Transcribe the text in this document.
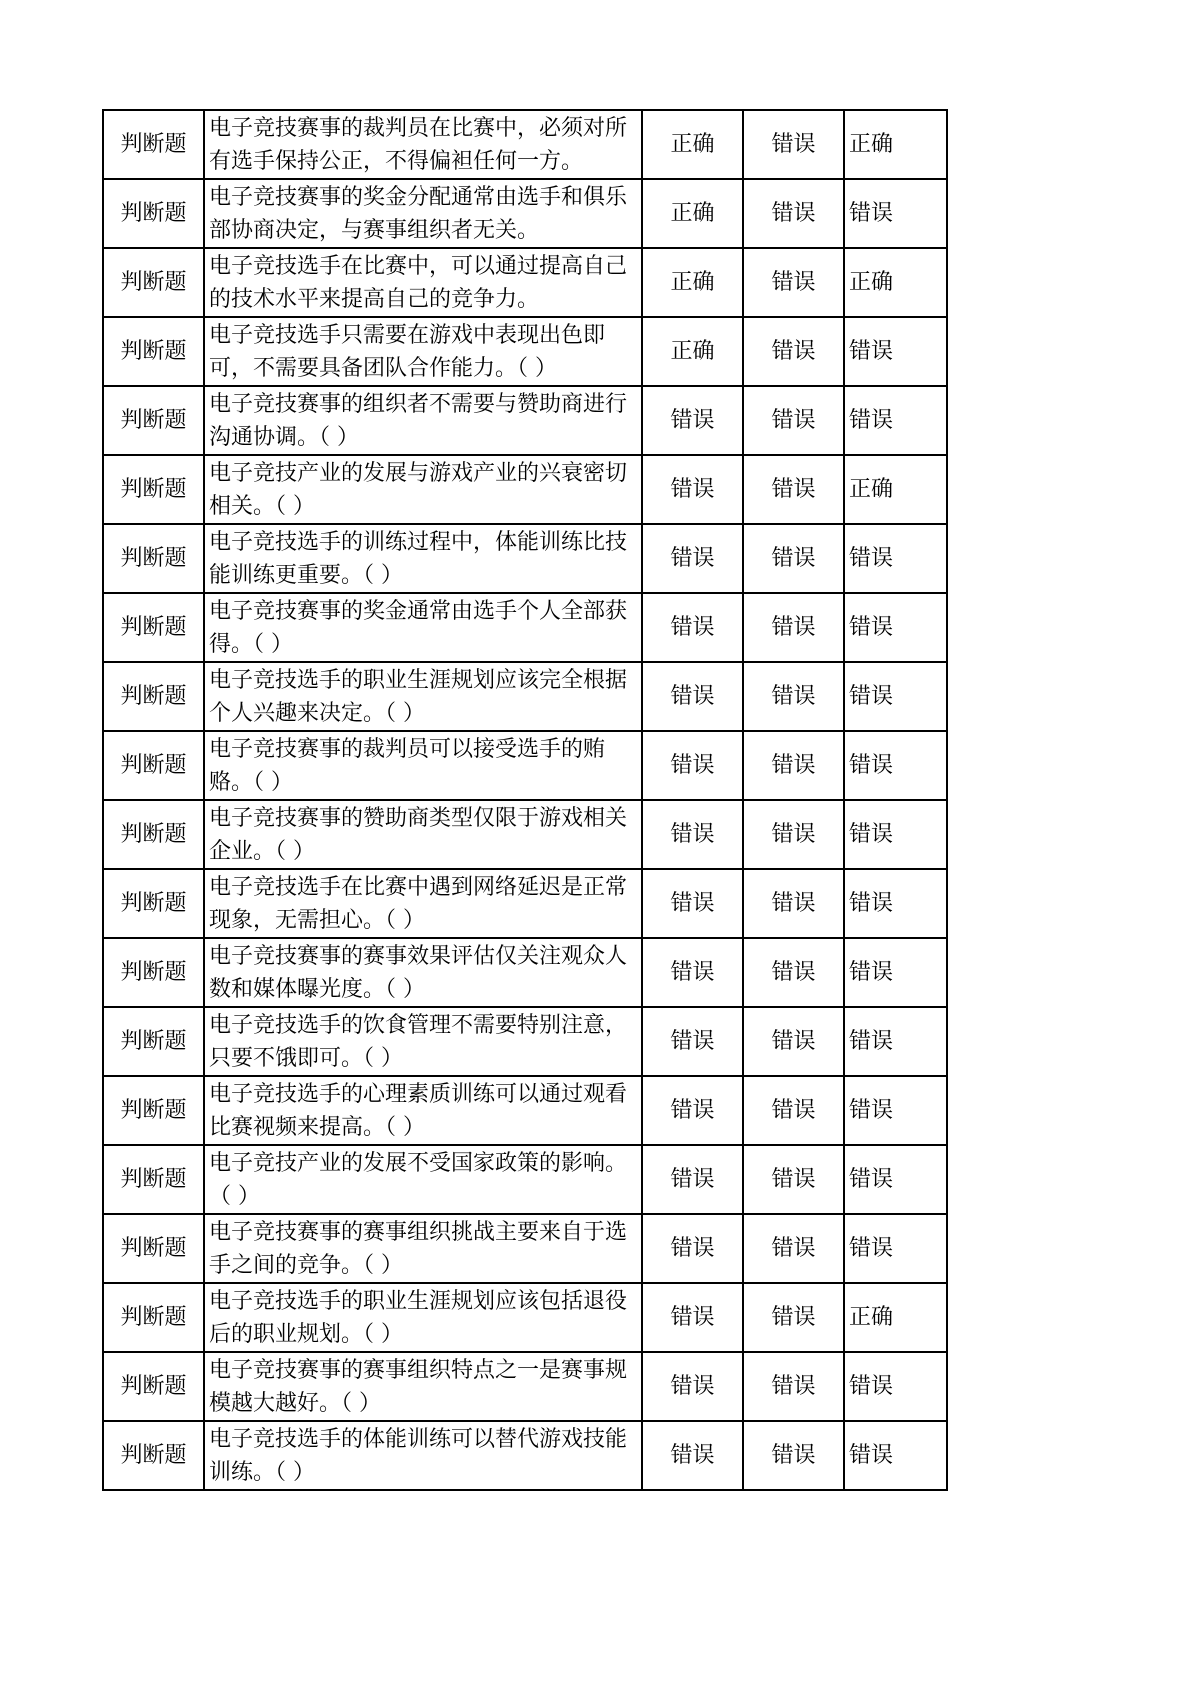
判断题	电子竞技赛事的裁判员在比赛中，必须对所有选手保持公正，不得偏袒任何一方。	正确	错误	正确
判断题	电子竞技赛事的奖金分配通常由选手和俱乐部协商决定，与赛事组织者无关。	正确	错误	错误
判断题	电子竞技选手在比赛中，可以通过提高自己的技术水平来提高自己的竞争力。	正确	错误	正确
判断题	电子竞技选手只需要在游戏中表现出色即可，不需要具备团队合作能力。（ ）	正确	错误	错误
判断题	电子竞技赛事的组织者不需要与赞助商进行沟通协调。（ ）	错误	错误	错误
判断题	电子竞技产业的发展与游戏产业的兴衰密切相关。（ ）	错误	错误	正确
判断题	电子竞技选手的训练过程中，体能训练比技能训练更重要。（ ）	错误	错误	错误
判断题	电子竞技赛事的奖金通常由选手个人全部获得。（ ）	错误	错误	错误
判断题	电子竞技选手的职业生涯规划应该完全根据个人兴趣来决定。（ ）	错误	错误	错误
判断题	电子竞技赛事的裁判员可以接受选手的贿赂。（ ）	错误	错误	错误
判断题	电子竞技赛事的赞助商类型仅限于游戏相关企业。（ ）	错误	错误	错误
判断题	电子竞技选手在比赛中遇到网络延迟是正常现象，无需担心。（ ）	错误	错误	错误
判断题	电子竞技赛事的赛事效果评估仅关注观众人数和媒体曝光度。（ ）	错误	错误	错误
判断题	电子竞技选手的饮食管理不需要特别注意，只要不饿即可。（ ）	错误	错误	错误
判断题	电子竞技选手的心理素质训练可以通过观看比赛视频来提高。（ ）	错误	错误	错误
判断题	电子竞技产业的发展不受国家政策的影响。（ ）	错误	错误	错误
判断题	电子竞技赛事的赛事组织挑战主要来自于选手之间的竞争。（ ）	错误	错误	错误
判断题	电子竞技选手的职业生涯规划应该包括退役后的职业规划。（ ）	错误	错误	正确
判断题	电子竞技赛事的赛事组织特点之一是赛事规模越大越好。（ ）	错误	错误	错误
判断题	电子竞技选手的体能训练可以替代游戏技能训练。（ ）	错误	错误	错误
